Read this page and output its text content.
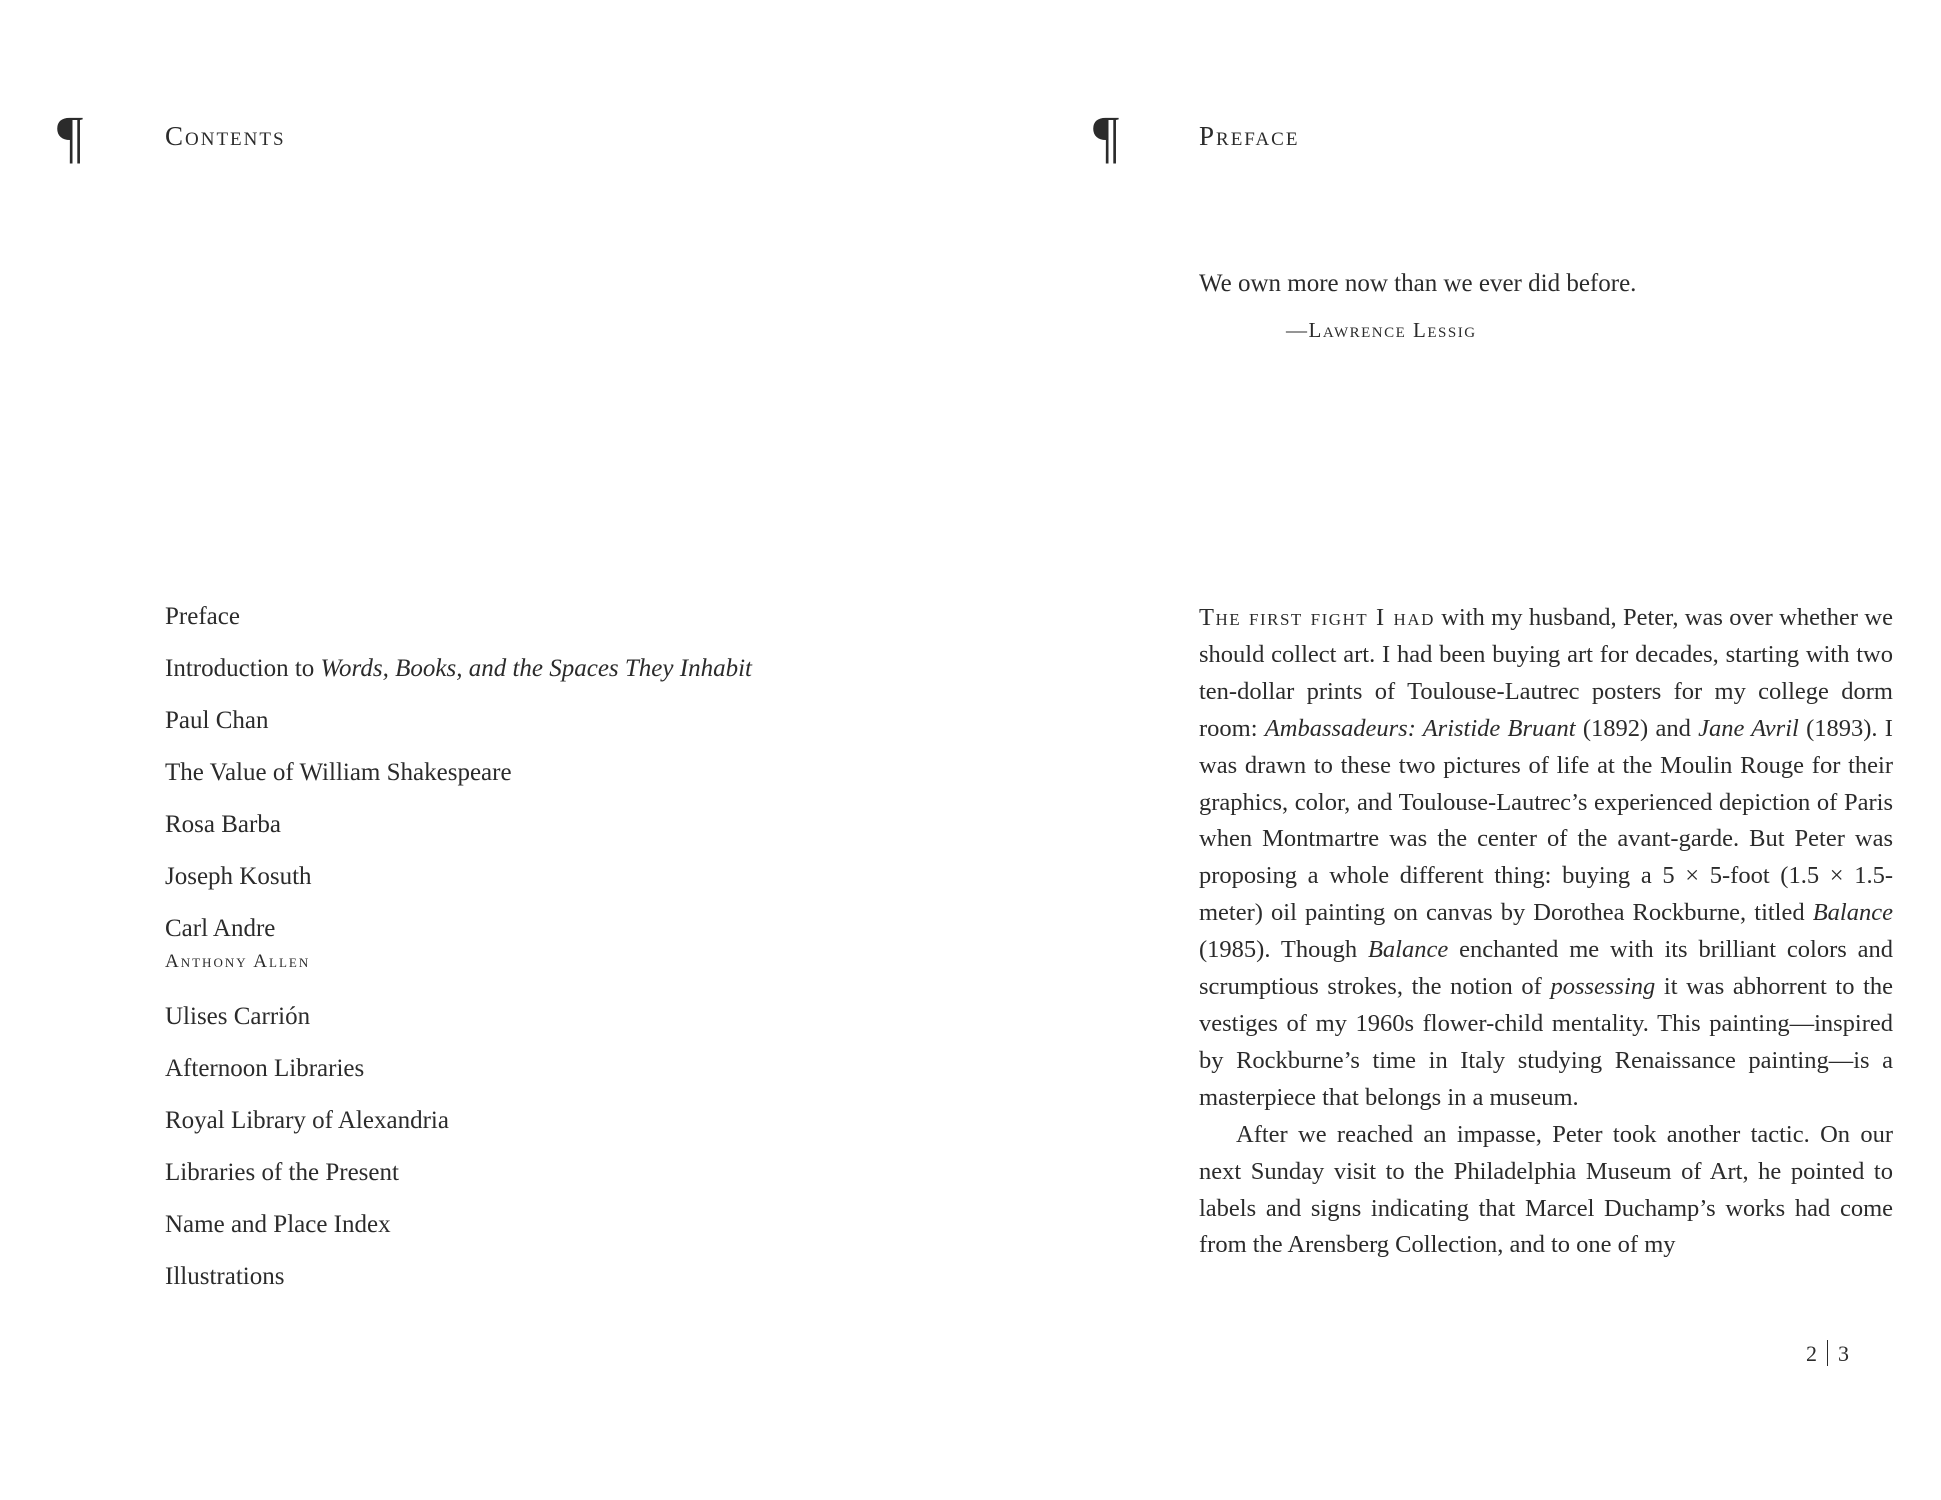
¶	Contents
Preface
Introduction to Words, Books, and the Spaces They Inhabit
Paul Chan
The Value of William Shakespeare
Rosa Barba
Joseph Kosuth
Carl Andre
Anthony Allen
Ulises Carrión
Afternoon Libraries
Royal Library of Alexandria
Libraries of the Present
Name and Place Index
Illustrations
¶	Preface
We own more now than we ever did before.
—Lawrence Lessig

The first fight I had with my husband, Peter, was over whether we should collect art. I had been buying art for decades, starting with two ten-dollar prints of Toulouse-Lautrec posters for my college dorm room: Ambassadeurs: Aristide Bruant (1892) and Jane Avril (1893). I was drawn to these two pictures of life at the Moulin Rouge for their graphics, color, and Toulouse-Lautrec’s experienced depiction of Paris when Montmartre was the center of the avant-garde. But Peter was proposing a whole different thing: buying a 5 × 5-foot (1.5 × 1.5-meter) oil painting on canvas by Dorothea Rockburne, titled Balance (1985). Though Balance enchanted me with its brilliant colors and scrumptious strokes, the notion of possessing it was abhorrent to the vestiges of my 1960s flower-child mentality. This painting—inspired by Rockburne’s time in Italy studying Renaissance painting—is a masterpiece that belongs in a museum.

After we reached an impasse, Peter took another tactic. On our next Sunday visit to the Philadelphia Museum of Art, he pointed to labels and signs indicating that Marcel Duchamp’s works had come from the Arensberg Collection, and to one of my

2 3
